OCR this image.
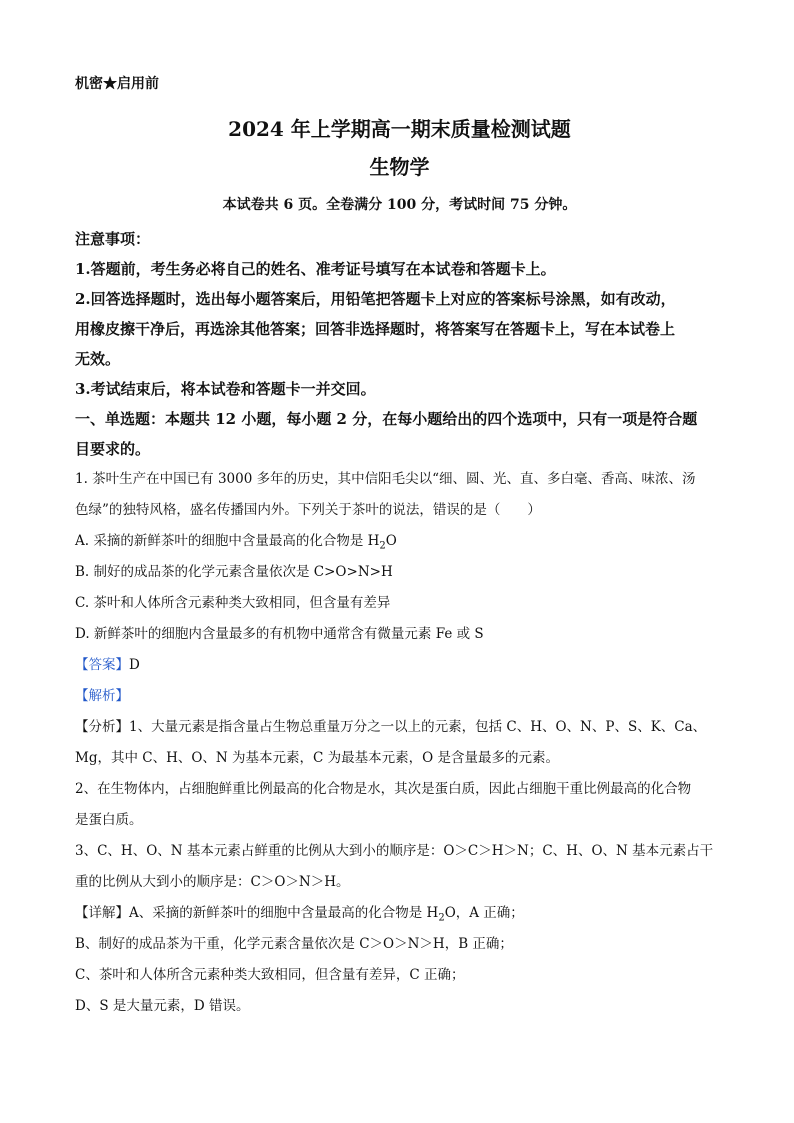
机密★启用前

2024 年上学期高一期末质量检测试题

生物学

本试卷共 6 页。全卷满分 100 分，考试时间 75 分钟。

注意事项：

1.答题前，考生务必将自己的姓名、准考证号填写在本试卷和答题卡上。

2.回答选择题时，选出每小题答案后，用铅笔把答题卡上对应的答案标号涂黑，如有改动，

用橡皮擦干净后，再选涂其他答案；回答非选择题时，将答案写在答题卡上，写在本试卷上

无效。

3.考试结束后，将本试卷和答题卡一并交回。

一、单选题：本题共 12 小题，每小题 2 分，在每小题给出的四个选项中，只有一项是符合题

目要求的。

1. 茶叶生产在中国已有 3000 多年的历史，其中信阳毛尖以“细、圆、光、直、多白毫、香高、味浓、汤

色绿”的独特风格，盛名传播国内外。下列关于茶叶的说法，错误的是（　　）

A. 采摘的新鲜茶叶的细胞中含量最高的化合物是 $H_2O$

B. 制好的成品茶的化学元素含量依次是 C>O>N>H

C. 茶叶和人体所含元素种类大致相同，但含量有差异

D. 新鲜茶叶的细胞内含量最多的有机物中通常含有微量元素 Fe 或 S

【答案】D

【解析】

【分析】1、大量元素是指含量占生物总重量万分之一以上的元素，包括 C、H、O、N、P、S、K、Ca、

Mg，其中 C、H、O、N 为基本元素，C 为最基本元素，O 是含量最多的元素。

2、在生物体内，占细胞鲜重比例最高的化合物是水，其次是蛋白质，因此占细胞干重比例最高的化合物

是蛋白质。

3、C、H、O、N 基本元素占鲜重的比例从大到小的顺序是：O＞C＞H＞N；C、H、O、N 基本元素占干

重的比例从大到小的顺序是：C＞O＞N＞H。

【详解】A、采摘的新鲜茶叶的细胞中含量最高的化合物是 $H_2O$，A 正确；

B、制好的成品茶为干重，化学元素含量依次是 C＞O＞N＞H，B 正确；

C、茶叶和人体所含元素种类大致相同，但含量有差异，C 正确；

D、S 是大量元素，D 错误。
